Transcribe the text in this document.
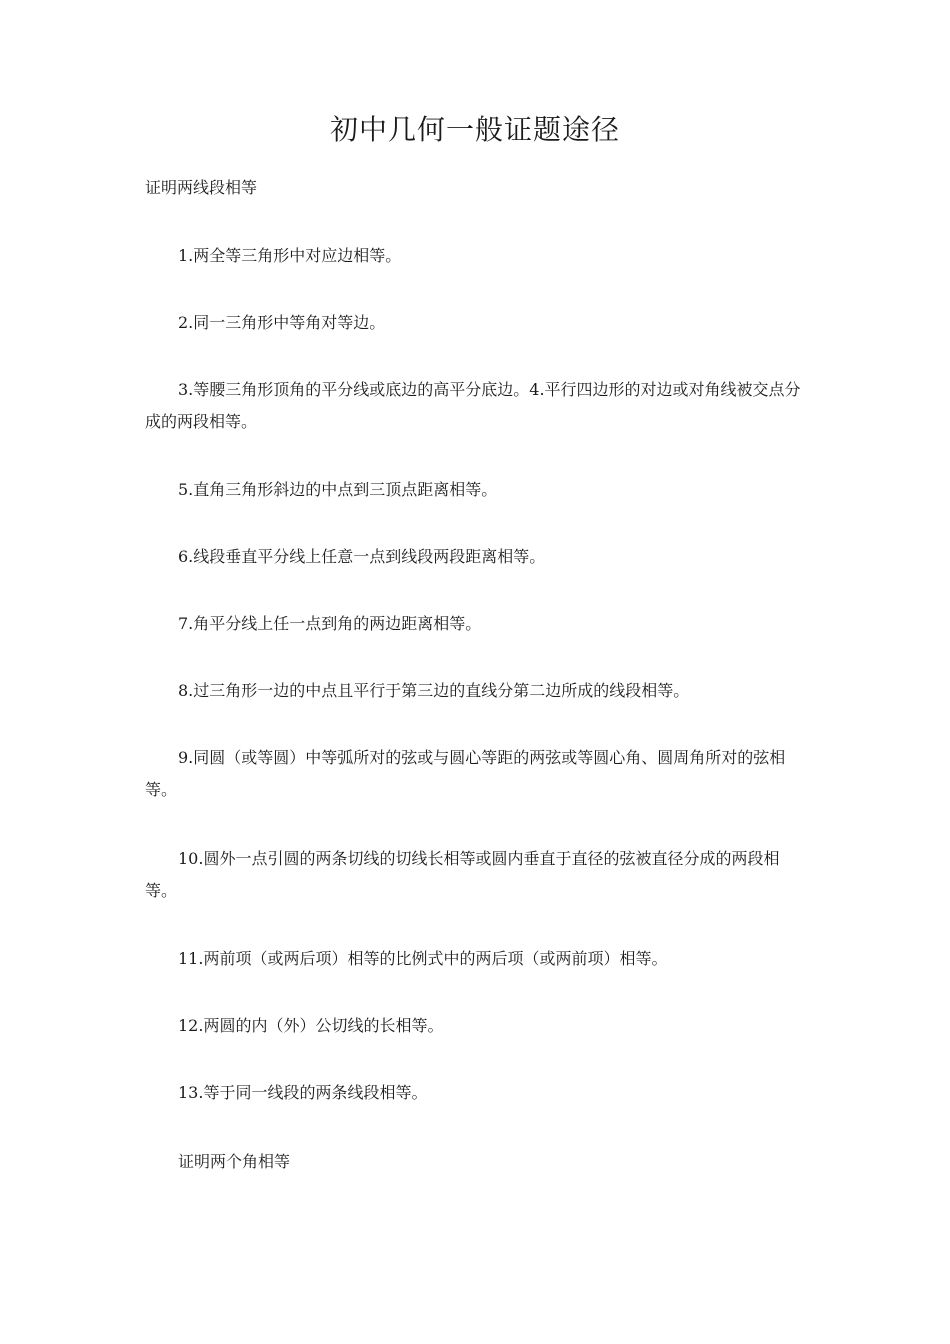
初中几何一般证题途径
证明两线段相等
1.两全等三角形中对应边相等。
2.同一三角形中等角对等边。
3.等腰三角形顶角的平分线或底边的高平分底边。4.平行四边形的对边或对角线被交点分成的两段相等。
5.直角三角形斜边的中点到三顶点距离相等。
6.线段垂直平分线上任意一点到线段两段距离相等。
7.角平分线上任一点到角的两边距离相等。
8.过三角形一边的中点且平行于第三边的直线分第二边所成的线段相等。
9.同圆（或等圆）中等弧所对的弦或与圆心等距的两弦或等圆心角、圆周角所对的弦相等。
10.圆外一点引圆的两条切线的切线长相等或圆内垂直于直径的弦被直径分成的两段相等。
11.两前项（或两后项）相等的比例式中的两后项（或两前项）相等。
12.两圆的内（外）公切线的长相等。
13.等于同一线段的两条线段相等。
证明两个角相等
